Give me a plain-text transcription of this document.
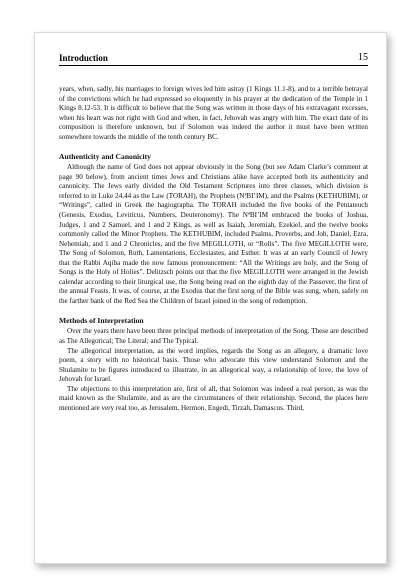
Introduction	15

years, when, sadly, his marriages to foreign wives led him astray (1 Kings 11.1-8), and to a terrible betrayal of the convictions which he had expressed so eloquently in his prayer at the dedication of the Temple in 1 Kings 8.12-53. It is difficult to believe that the Song was written in those days of his extravagant excesses, when his heart was not right with God and when, in fact, Jehovah was angry with him. The exact date of its composition is therefore unknown, but if Solomon was indeed the author it must have been written somewhere towards the middle of the tenth century BC.

Authenticity and Canonicity

Although the name of God does not appear obviously in the Song (but see Adam Clarke’s comment at page 90 below), from ancient times Jews and Christians alike have accepted both its authenticity and canonicity. The Jews early divided the Old Testament Scriptures into three classes, which division is referred to in Luke 24.44 as the Law (TORAH), the Prophets (NªBI’IM), and the Psalms (KETHUBIM), or “Writings”, called in Greek the hagiographa. The TORAH included the five books of the Pentateuch (Genesis, Exodus, Leviticus, Numbers, Deuteronomy). The NªBI’IM embraced the books of Joshua, Judges, 1 and 2 Samuel, and 1 and 2 Kings, as well as Isaiah, Jeremiah, Ezekiel, and the twelve books commonly called the Minor Prophets. The KETHUBIM, included Psalms, Proverbs, and Job, Daniel, Ezra, Nehemiah, and 1 and 2 Chronicles, and the five MEGILLOTH, or “Rolls”. The five MEGILLOTH were, The Song of Solomon, Ruth, Lamentations, Ecclesiastes, and Esther. It was at an early Council of Jewry that the Rabbi Aqiba made the now famous pronouncement: “All the Writings are holy, and the Song of Songs is the Holy of Holies”. Delitzsch points out that the five MEGILLOTH were arranged in the Jewish calendar according to their liturgical use, the Song being read on the eighth day of the Passover, the first of the annual Feasts. It was, of course, at the Exodus that the first song of the Bible was sung, when, safely on the farther bank of the Red Sea the Children of Israel joined in the song of redemption.

Methods of Interpretation

Over the years there have been three principal methods of interpretation of the Song. These are described as The Allegorical; The Literal; and The Typical.

The allegorical interpretation, as the word implies, regards the Song as an allegory, a dramatic love poem, a story with no historical basis. Those who advocate this view understand Solomon and the Shulamite to be figures introduced to illustrate, in an allegorical way, a relationship of love, the love of Jehovah for Israel.

The objections to this interpretation are, first of all, that Solomon was indeed a real person, as was the maid known as the Shulamite, and as are the circumstances of their relationship. Second, the places here mentioned are very real too, as Jerusalem, Hermon, Engedi, Tirzah, Damascus. Third,
